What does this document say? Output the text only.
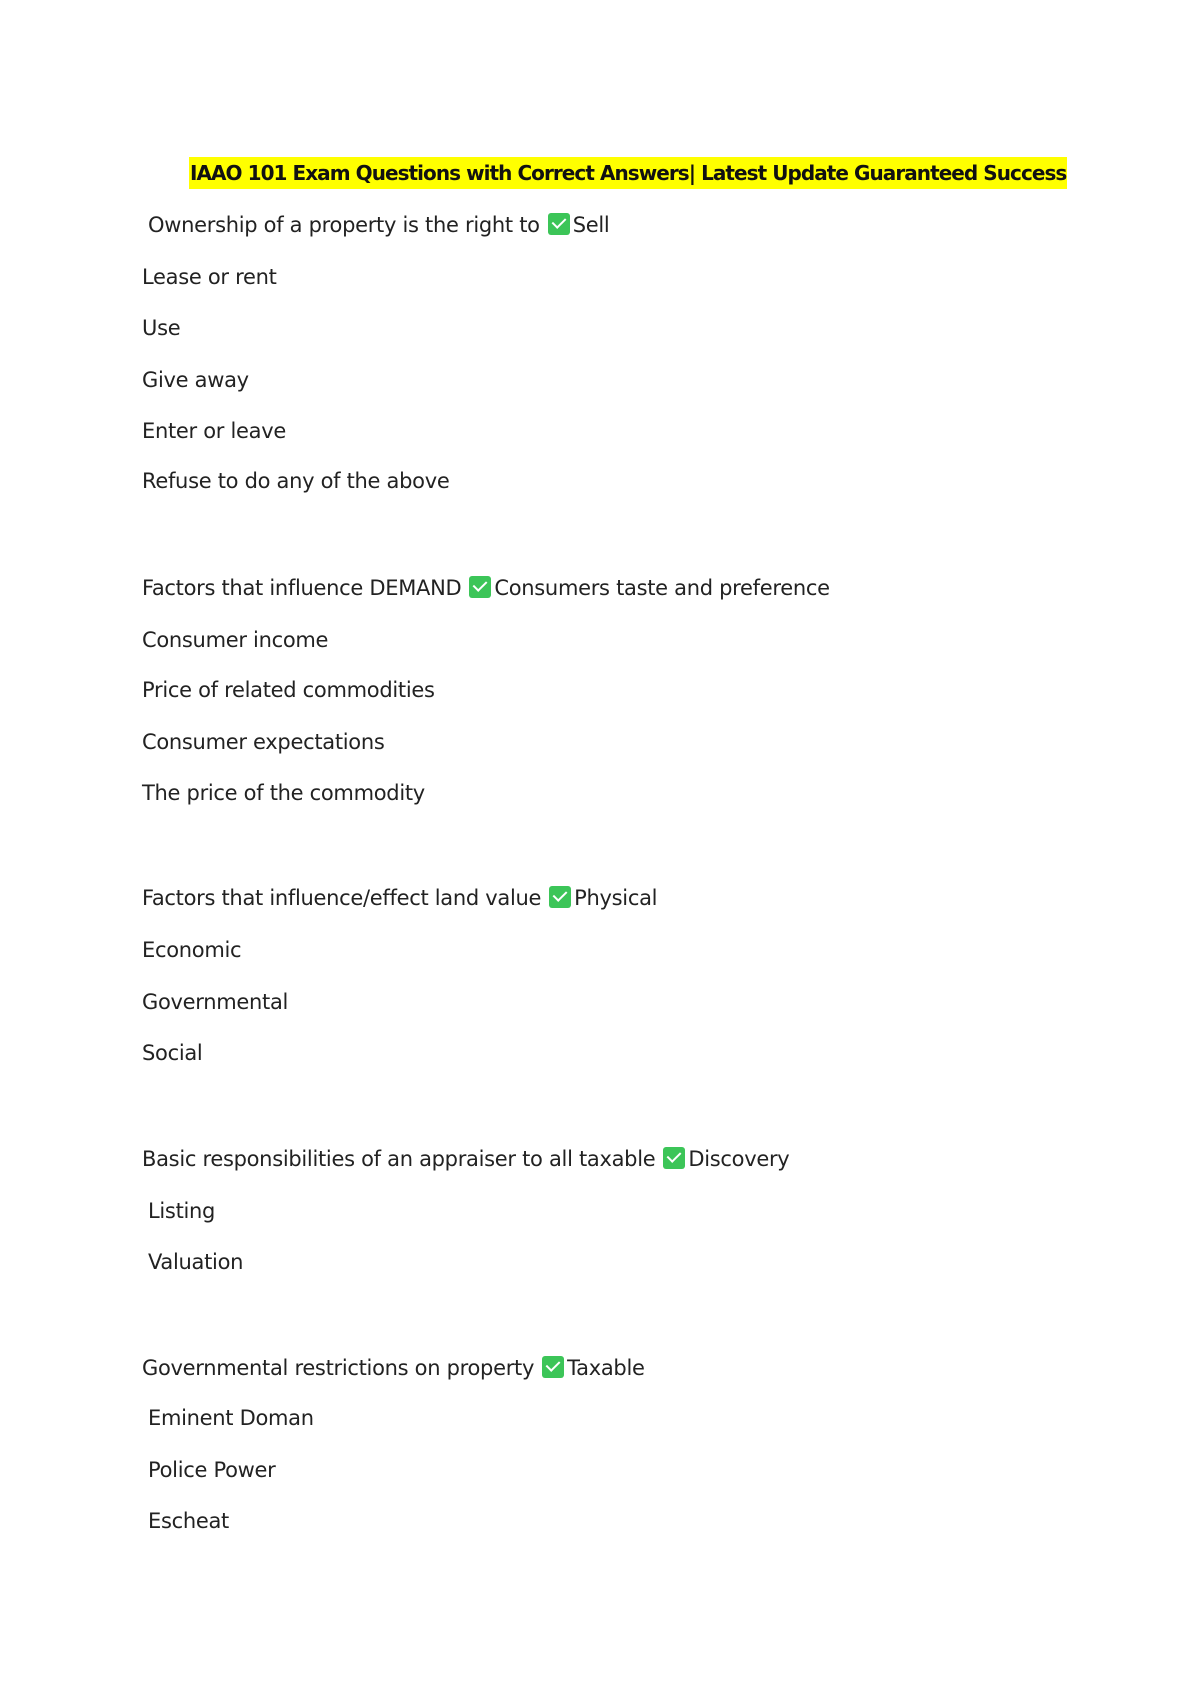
IAAO 101 Exam Questions with Correct Answers| Latest Update Guaranteed Success
Ownership of a property is the right to Sell
Lease or rent
Use
Give away
Enter or leave
Refuse to do any of the above
Factors that influence DEMAND Consumers taste and preference
Consumer income
Price of related commodities
Consumer expectations
The price of the commodity
Factors that influence/effect land value Physical
Economic
Governmental
Social
Basic responsibilities of an appraiser to all taxable Discovery
Listing
Valuation
Governmental restrictions on property Taxable
Eminent Doman
Police Power
Escheat
